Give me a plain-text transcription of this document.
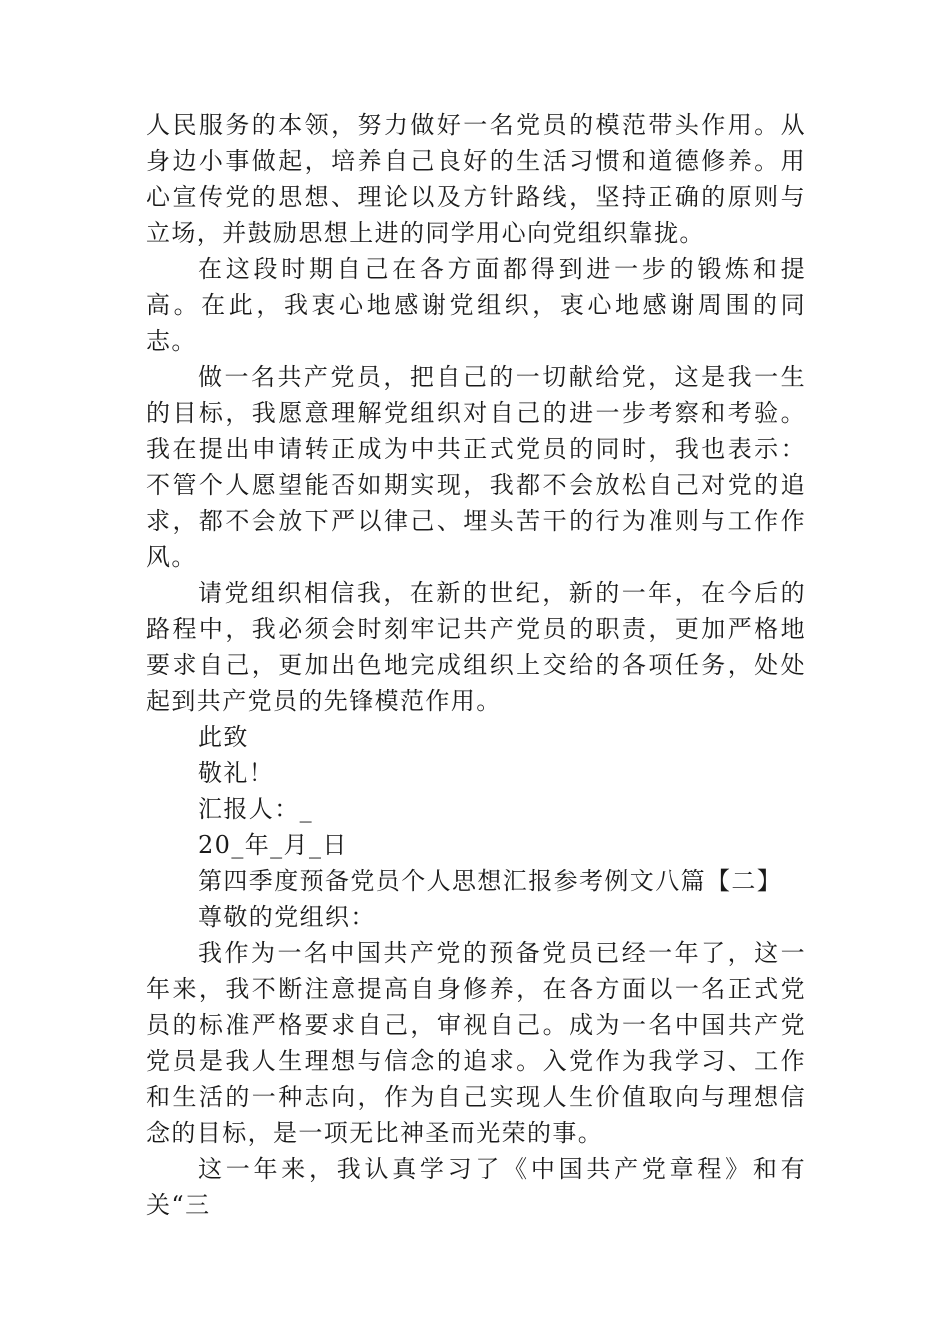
人民服务的本领，努力做好一名党员的模范带头作用。从身边小事做起，培养自己良好的生活习惯和道德修养。用心宣传党的思想、理论以及方针路线，坚持正确的原则与立场，并鼓励思想上进的同学用心向党组织靠拢。

在这段时期自己在各方面都得到进一步的锻炼和提高。在此，我衷心地感谢党组织，衷心地感谢周围的同志。

做一名共产党员，把自己的一切献给党，这是我一生的目标，我愿意理解党组织对自己的进一步考察和考验。我在提出申请转正成为中共正式党员的同时，我也表示：不管个人愿望能否如期实现，我都不会放松自己对党的追求，都不会放下严以律己、埋头苦干的行为准则与工作作风。

请党组织相信我，在新的世纪，新的一年，在今后的路程中，我必须会时刻牢记共产党员的职责，更加严格地要求自己，更加出色地完成组织上交给的各项任务，处处起到共产党员的先锋模范作用。

此致

敬礼！

汇报人：_

20_年_月_日

第四季度预备党员个人思想汇报参考例文八篇【二】

尊敬的党组织：

我作为一名中国共产党的预备党员已经一年了，这一年来，我不断注意提高自身修养，在各方面以一名正式党员的标准严格要求自己，审视自己。成为一名中国共产党党员是我人生理想与信念的追求。入党作为我学习、工作和生活的一种志向，作为自己实现人生价值取向与理想信念的目标，是一项无比神圣而光荣的事。

这一年来，我认真学习了《中国共产党章程》和有关“三
